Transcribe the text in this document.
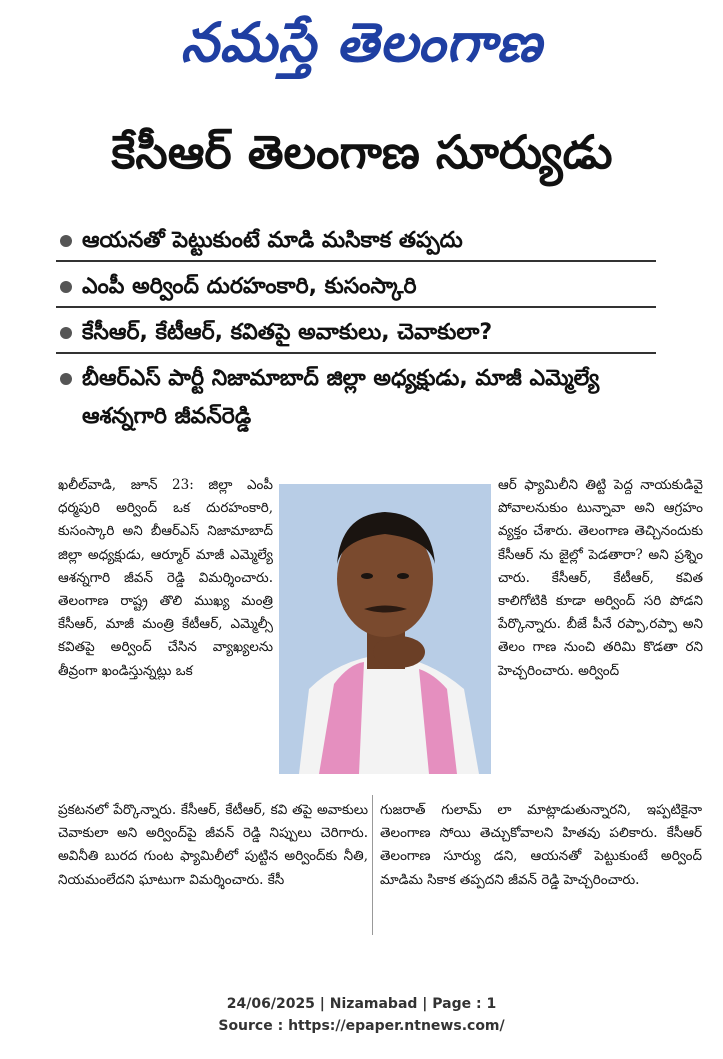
నమస్తే తెలంగాణ
కేసీఆర్ తెలంగాణ సూర్యుడు
ఆయనతో పెట్టుకుంటే మాడి మసికాక తప్పదు
ఎంపీ అర్వింద్ దురహంకారి, కుసంస్కారి
కేసీఆర్, కేటీఆర్, కవితపై అవాకులు, చెవాకులా?
బీఆర్ఎస్ పార్టీ నిజామాబాద్ జిల్లా అధ్యక్షుడు, మాజీ ఎమ్మెల్యే ఆశన్నగారి జీవన్‌రెడ్డి
ఖలీల్‌వాడి, జూన్ 23: జిల్లా ఎంపీ ధర్మపురి అర్వింద్ ఒక దురహంకారి, కుసంస్కారి అని బీఆర్ఎస్ నిజామాబాద్ జిల్లా అధ్యక్షుడు, ఆర్మూర్ మాజీ ఎమ్మెల్యే ఆశన్నగారి జీవన్ రెడ్డి విమర్శించారు. తెలంగాణ రాష్ట్ర తొలి ముఖ్య మంత్రి కేసీఆర్, మాజీ మంత్రి కేటీఆర్, ఎమ్మెల్సీ కవితపై అర్వింద్ చేసిన వ్యాఖ్యలను తీవ్రంగా ఖండిస్తున్నట్లు ఒక
ఆర్ ఫ్యామిలీని తిట్టి పెద్ద నాయకుడివై పోవాలనుకుం టున్నావా అని ఆగ్రహం వ్యక్తం చేశారు. తెలంగాణ తెచ్చినందుకు కేసీఆర్ ను జైల్లో పెడతారా? అని ప్రశ్నిం చారు. కేసీఆర్, కేటీఆర్, కవిత కాలిగోటికి కూడా అర్వింద్ సరి పోడని పేర్కొన్నారు. బీజే పీనే రప్పా,రప్పా అని తెలం గాణ నుంచి తరిమి కొడతా రని హెచ్చరించారు. అర్వింద్
ప్రకటనలో పేర్కొన్నారు. కేసీఆర్, కేటీఆర్, కవి తపై అవాకులు చెవాకులా అని అర్వింద్‌పై జీవన్ రెడ్డి నిప్పులు చెరిగారు. అవినీతి బురద గుంట ఫ్యామిలీలో పుట్టిన అర్వింద్‌కు నీతి, నియమంలేదని ఘాటుగా విమర్శించారు. కేసీ
గుజరాత్ గులామ్ లా మాట్లాడుతున్నారని, ఇప్పటికైనా తెలంగాణ సోయి తెచ్చుకోవాలని హితవు పలికారు. కేసీఆర్ తెలంగాణ సూర్యు డని, ఆయనతో పెట్టుకుంటే అర్వింద్ మాడిమ సికాక తప్పదని జీవన్ రెడ్డి హెచ్చరించారు.
24/06/2025 | Nizamabad | Page : 1
Source : https://epaper.ntnews.com/
